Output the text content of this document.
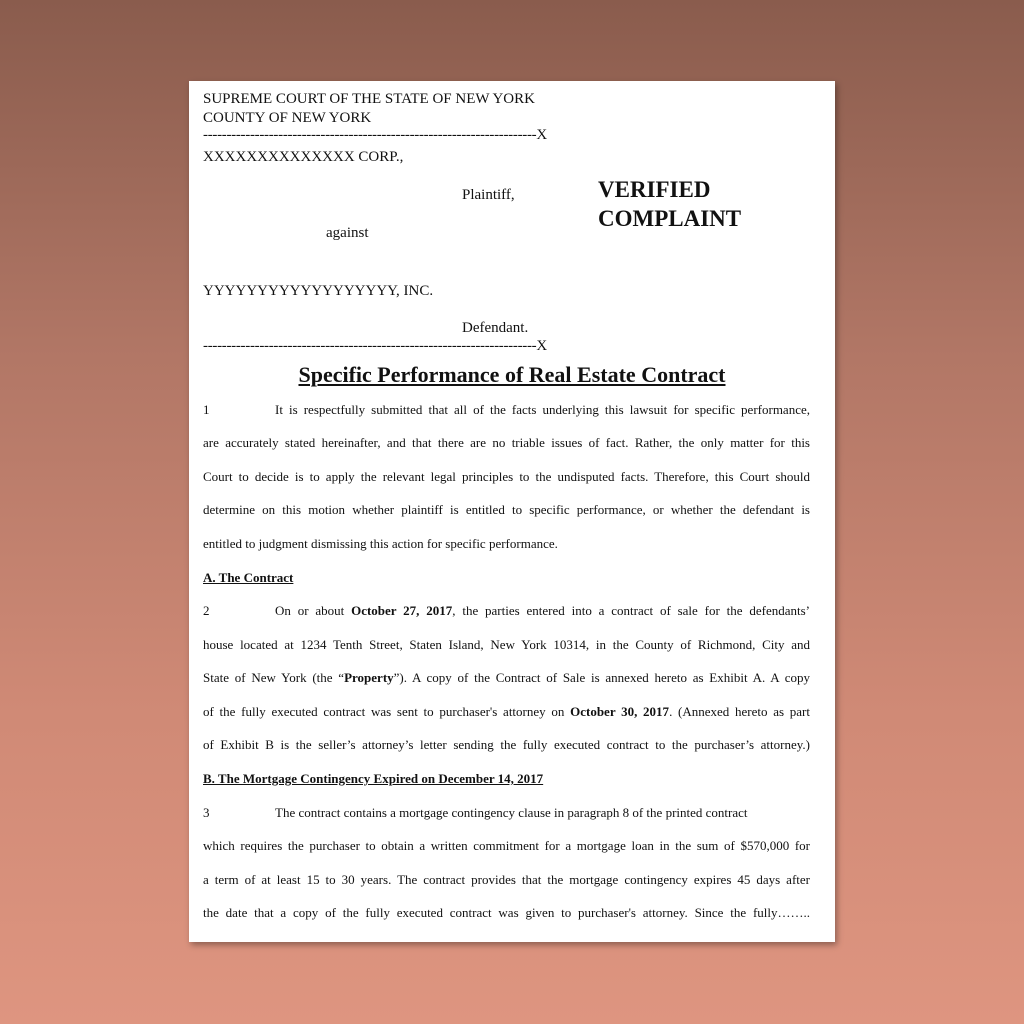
SUPREME COURT OF THE STATE OF NEW YORK
COUNTY OF NEW YORK
-----------------------------------------------------------------------X
XXXXXXXXXXXXXX CORP.,
Plaintiff,	VERIFIED
COMPLAINT
against
YYYYYYYYYYYYYYYYYY, INC.
Defendant.
-----------------------------------------------------------------------X
Specific Performance of Real Estate Contract
1	It is respectfully submitted that all of the facts underlying this lawsuit for specific performance,
are accurately stated hereinafter, and that there are no triable issues of fact. Rather, the only matter for this
Court to decide is to apply the relevant legal principles to the undisputed facts. Therefore, this Court should
determine on this motion whether plaintiff is entitled to specific performance, or whether the defendant is
entitled to judgment dismissing this action for specific performance.
A. The Contract
2	On or about October 27, 2017, the parties entered into a contract of sale for the defendants’
house located at 1234 Tenth Street, Staten Island, New York 10314, in the County of Richmond, City and
State of New York (the “Property”). A copy of the Contract of Sale is annexed hereto as Exhibit A. A copy
of the fully executed contract was sent to purchaser's attorney on October 30, 2017. (Annexed hereto as part
of Exhibit B is the seller’s attorney’s letter sending the fully executed contract to the purchaser’s attorney.)
B. The Mortgage Contingency Expired on December 14, 2017
3	The contract contains a mortgage contingency clause in paragraph 8 of the printed contract
which requires the purchaser to obtain a written commitment for a mortgage loan in the sum of $570,000 for
a term of at least 15 to 30 years. The contract provides that the mortgage contingency expires 45 days after
the date that a copy of the fully executed contract was given to purchaser's attorney. Since the fully……..
